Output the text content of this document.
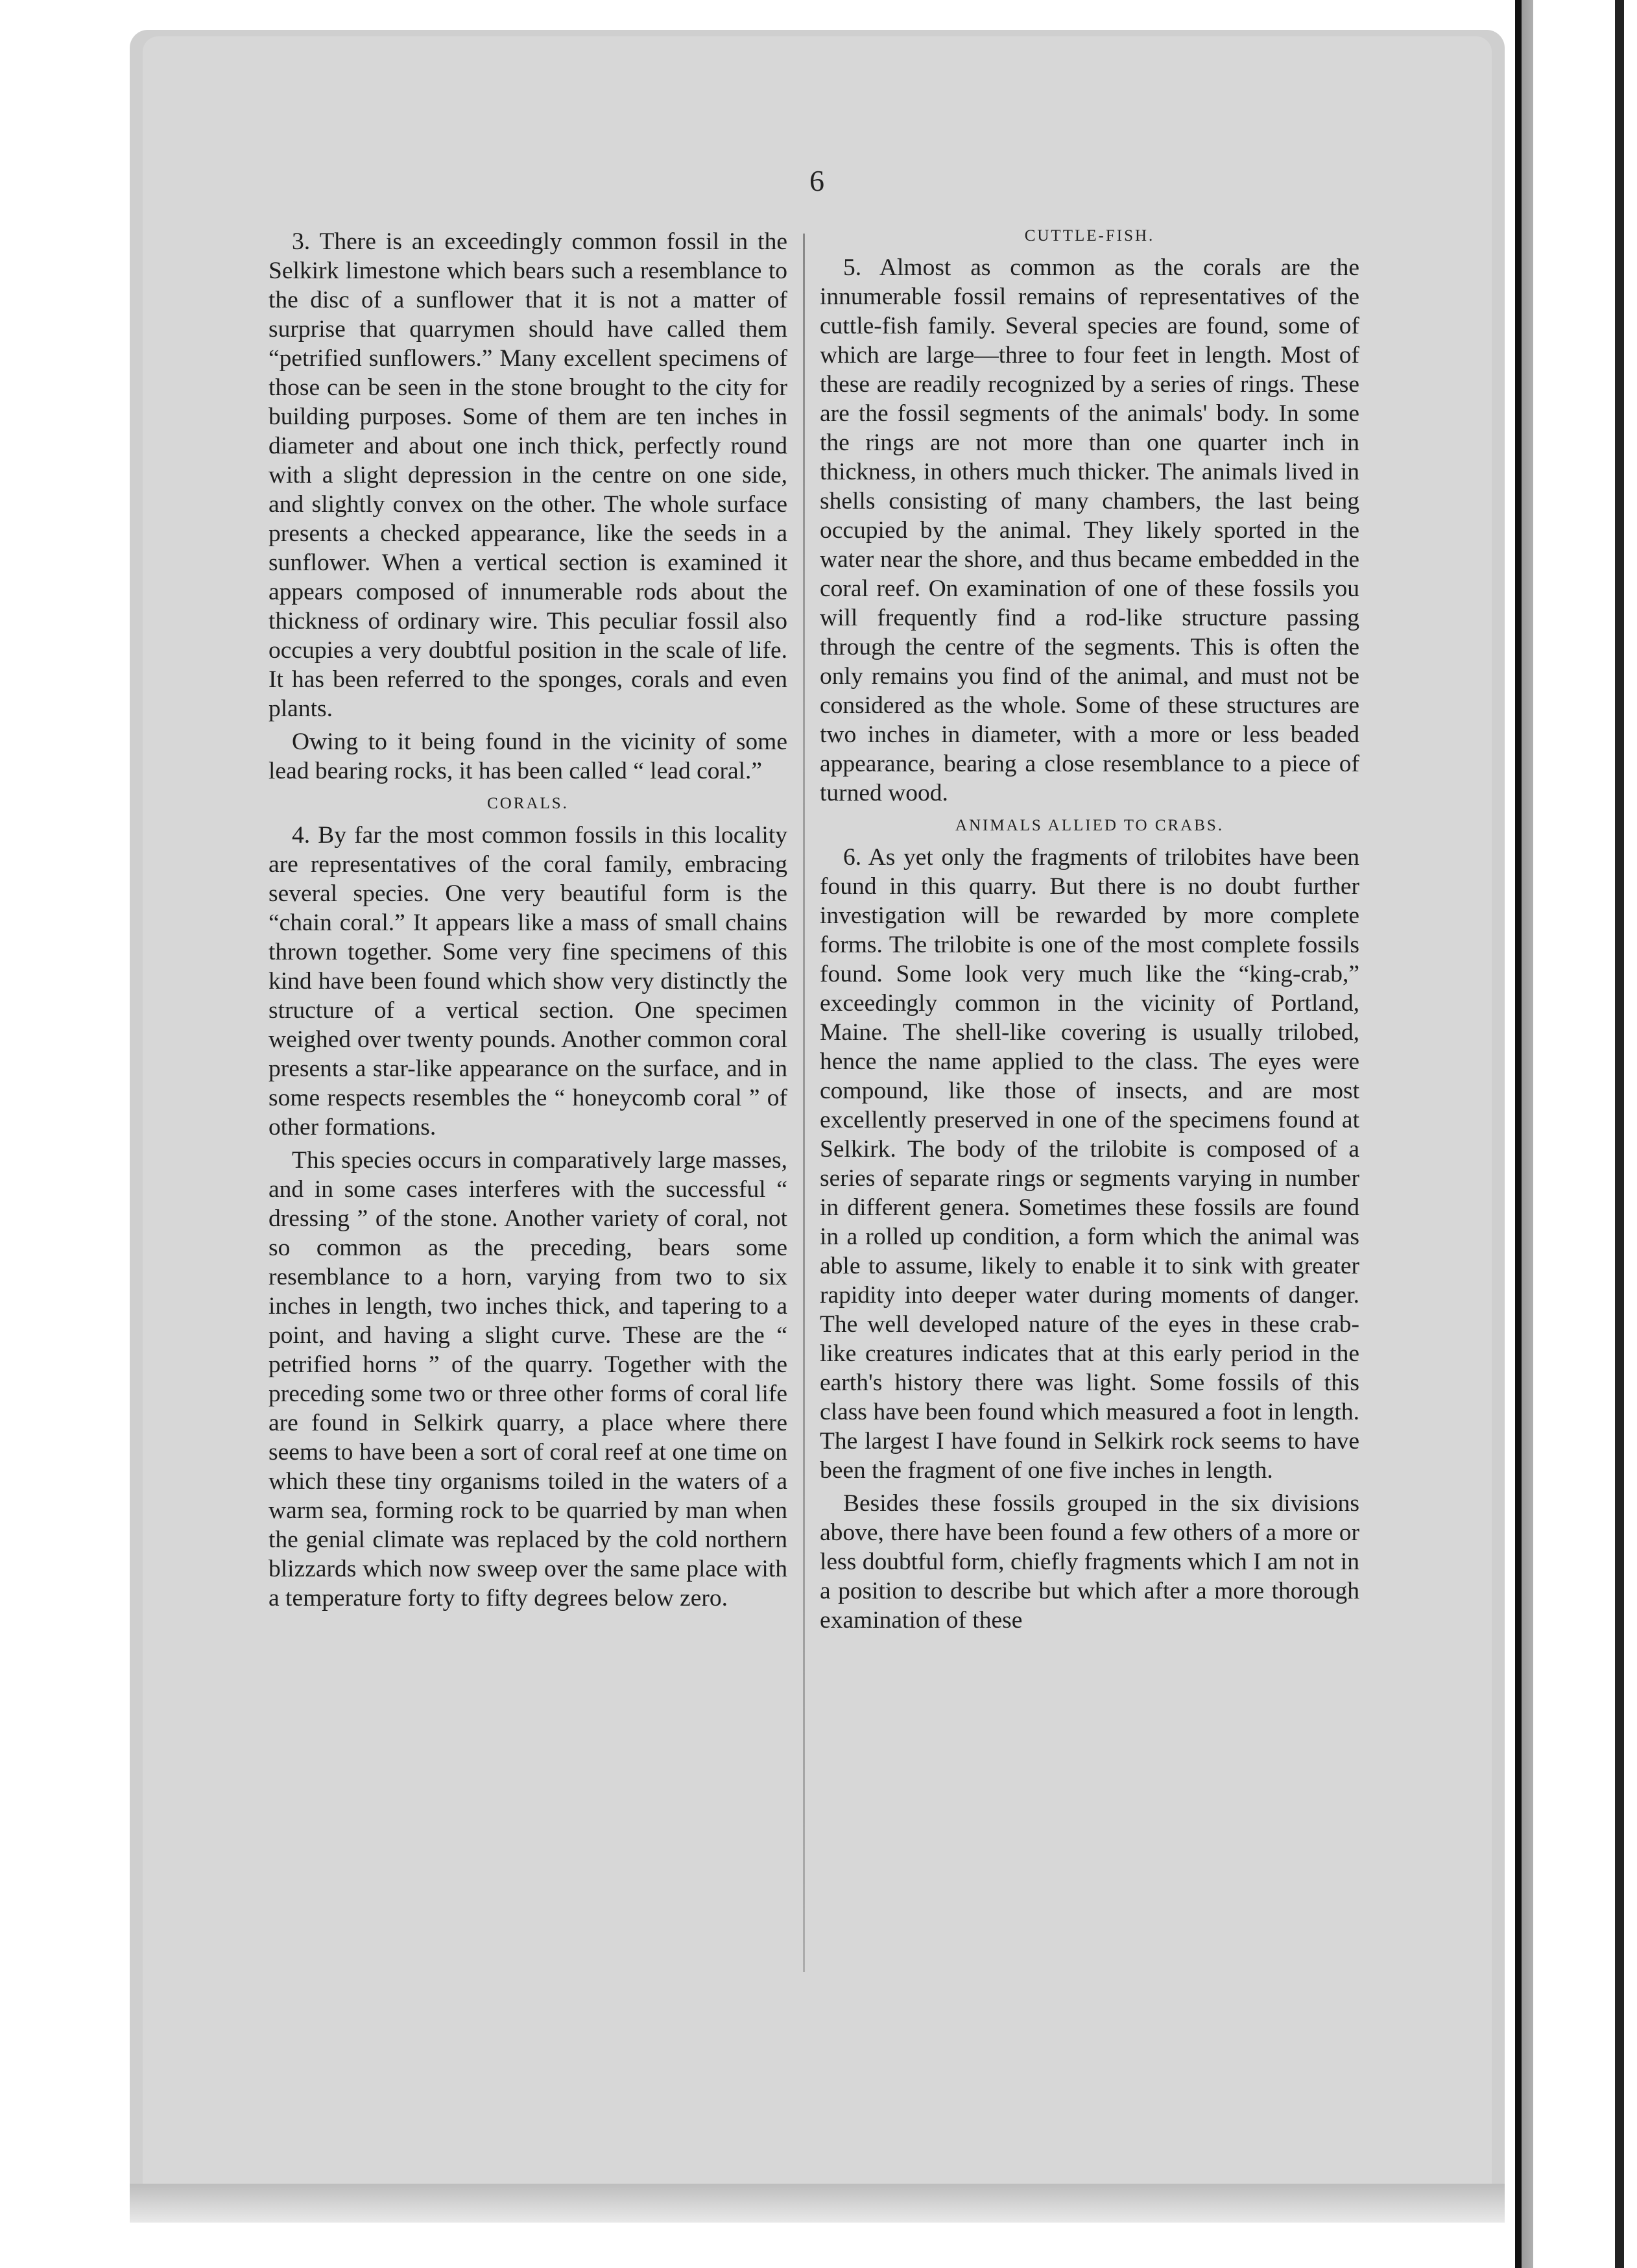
6

3. There is an exceedingly common fossil in the Selkirk limestone which bears such a resemblance to the disc of a sunflower that it is not a matter of surprise that quarrymen should have called them “petrified sunflowers.” Many excellent specimens of those can be seen in the stone brought to the city for building purposes. Some of them are ten inches in diameter and about one inch thick, perfectly round with a slight depression in the centre on one side, and slightly convex on the other. The whole surface presents a checked appearance, like the seeds in a sunflower. When a vertical section is examined it appears composed of innumerable rods about the thickness of ordinary wire. This peculiar fossil also occupies a very doubtful position in the scale of life. It has been referred to the sponges, corals and even plants.

Owing to it being found in the vicinity of some lead bearing rocks, it has been called “ lead coral.”

CORALS.

4. By far the most common fossils in this locality are representatives of the coral family, embracing several species. One very beautiful form is the “chain coral.” It appears like a mass of small chains thrown together. Some very fine specimens of this kind have been found which show very distinctly the structure of a vertical section. One specimen weighed over twenty pounds. Another common coral presents a star-like appearance on the surface, and in some respects resembles the “ honeycomb coral ” of other formations.

This species occurs in comparatively large masses, and in some cases interferes with the successful “ dressing ” of the stone. Another variety of coral, not so common as the preceding, bears some resemblance to a horn, varying from two to six inches in length, two inches thick, and tapering to a point, and having a slight curve. These are the “ petrified horns ” of the quarry. Together with the preceding some two or three other forms of coral life are found in Selkirk quarry, a place where there seems to have been a sort of coral reef at one time on which these tiny organisms toiled in the waters of a warm sea, forming rock to be quarried by man when the genial climate was replaced by the cold northern blizzards which now sweep over the same place with a temperature forty to fifty degrees below zero.

CUTTLE-FISH.

5. Almost as common as the corals are the innumerable fossil remains of representatives of the cuttle-fish family. Several species are found, some of which are large—three to four feet in length. Most of these are readily recognized by a series of rings. These are the fossil segments of the animals' body. In some the rings are not more than one quarter inch in thickness, in others much thicker. The animals lived in shells consisting of many chambers, the last being occupied by the animal. They likely sported in the water near the shore, and thus became embedded in the coral reef. On examination of one of these fossils you will frequently find a rod-like structure passing through the centre of the segments. This is often the only remains you find of the animal, and must not be considered as the whole. Some of these structures are two inches in diameter, with a more or less beaded appearance, bearing a close resemblance to a piece of turned wood.

ANIMALS ALLIED TO CRABS.

6. As yet only the fragments of trilobites have been found in this quarry. But there is no doubt further investigation will be rewarded by more complete forms. The trilobite is one of the most complete fossils found. Some look very much like the “king-crab,” exceedingly common in the vicinity of Portland, Maine. The shell-like covering is usually trilobed, hence the name applied to the class. The eyes were compound, like those of insects, and are most excellently preserved in one of the specimens found at Selkirk. The body of the trilobite is composed of a series of separate rings or segments varying in number in different genera. Sometimes these fossils are found in a rolled up condition, a form which the animal was able to assume, likely to enable it to sink with greater rapidity into deeper water during moments of danger. The well developed nature of the eyes in these crab-like creatures indicates that at this early period in the earth's history there was light. Some fossils of this class have been found which measured a foot in length. The largest I have found in Selkirk rock seems to have been the fragment of one five inches in length.

Besides these fossils grouped in the six divisions above, there have been found a few others of a more or less doubtful form, chiefly fragments which I am not in a position to describe but which after a more thorough examination of these
